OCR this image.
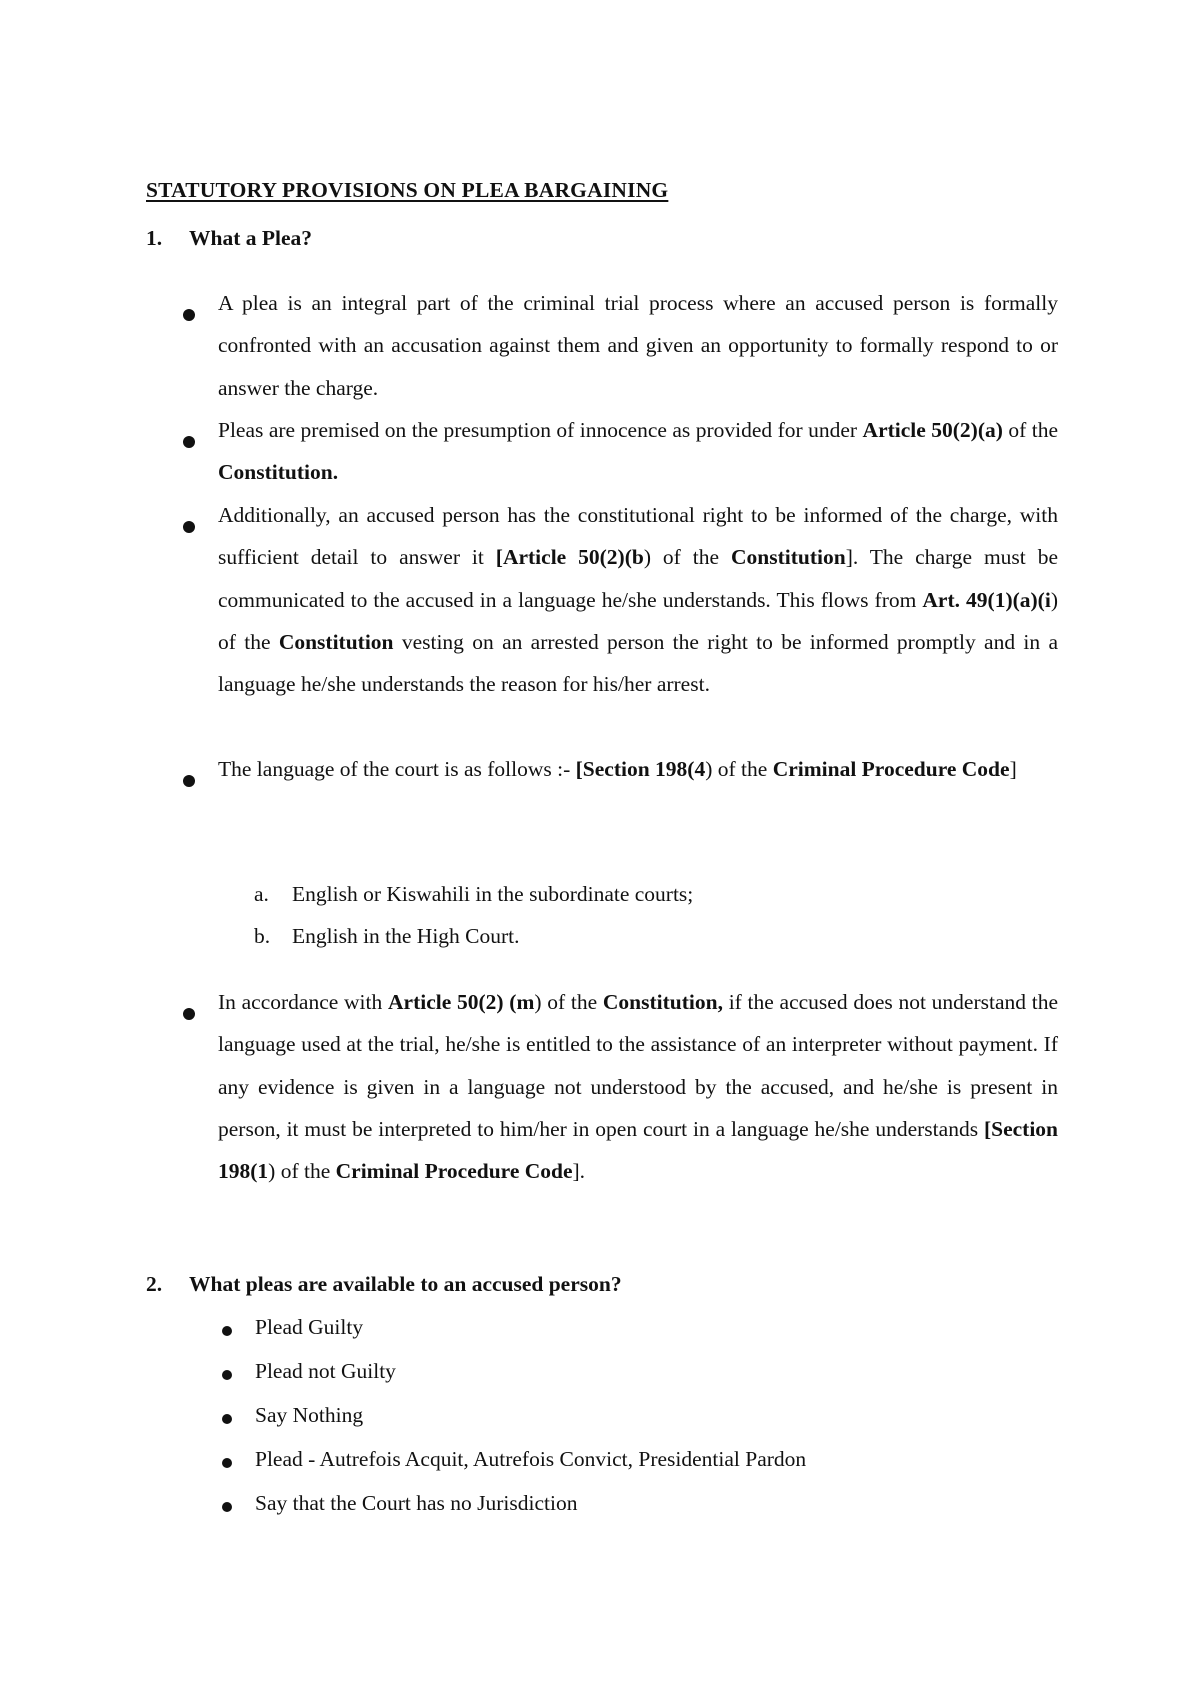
STATUTORY PROVISIONS ON PLEA BARGAINING
1. What a Plea?
A plea is an integral part of the criminal trial process where an accused person is formally confronted with an accusation against them and given an opportunity to formally respond to or answer the charge.
Pleas are premised on the presumption of innocence as provided for under Article 50(2)(a) of the Constitution.
Additionally, an accused person has the constitutional right to be informed of the charge, with sufficient detail to answer it [Article 50(2)(b) of the Constitution]. The charge must be communicated to the accused in a language he/she understands. This flows from Art. 49(1)(a)(i) of the Constitution vesting on an arrested person the right to be informed promptly and in a language he/she understands the reason for his/her arrest.
The language of the court is as follows :- [Section 198(4) of the Criminal Procedure Code]
a. English or Kiswahili in the subordinate courts;
b. English in the High Court.
In accordance with Article 50(2) (m) of the Constitution, if the accused does not understand the language used at the trial, he/she is entitled to the assistance of an interpreter without payment. If any evidence is given in a language not understood by the accused, and he/she is present in person, it must be interpreted to him/her in open court in a language he/she understands [Section 198(1) of the Criminal Procedure Code].
2. What pleas are available to an accused person?
Plead Guilty
Plead not Guilty
Say Nothing
Plead - Autrefois Acquit, Autrefois Convict, Presidential Pardon
Say that the Court has no Jurisdiction
